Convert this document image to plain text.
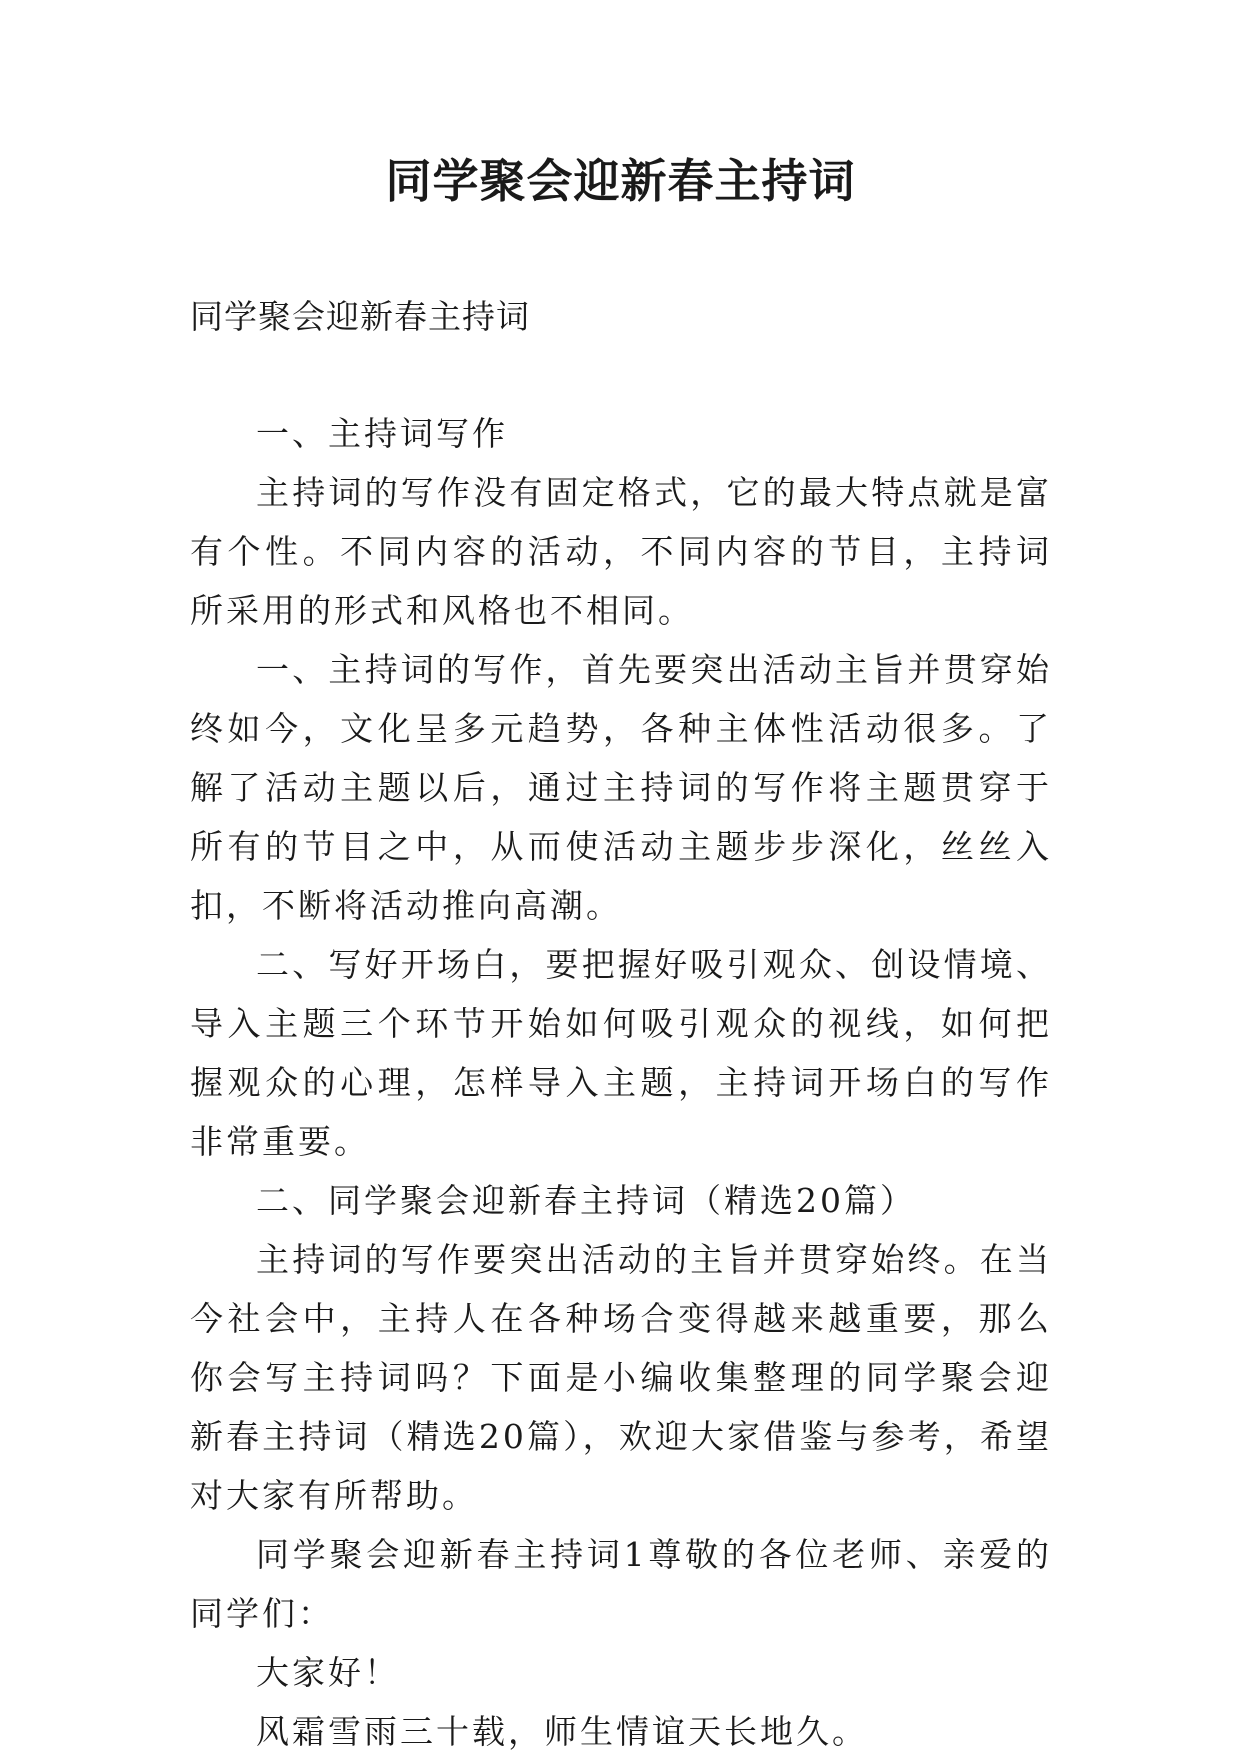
同学聚会迎新春主持词
同学聚会迎新春主持词

一、主持词写作

主持词的写作没有固定格式，它的最大特点就是富有个性。不同内容的活动，不同内容的节目，主持词所采用的形式和风格也不相同。

一、主持词的写作，首先要突出活动主旨并贯穿始终如今，文化呈多元趋势，各种主体性活动很多。了解了活动主题以后，通过主持词的写作将主题贯穿于所有的节目之中，从而使活动主题步步深化，丝丝入扣，不断将活动推向高潮。

二、写好开场白，要把握好吸引观众、创设情境、导入主题三个环节开始如何吸引观众的视线，如何把握观众的心理，怎样导入主题，主持词开场白的写作非常重要。

二、同学聚会迎新春主持词（精选20篇）

主持词的写作要突出活动的主旨并贯穿始终。在当今社会中，主持人在各种场合变得越来越重要，那么你会写主持词吗？下面是小编收集整理的同学聚会迎新春主持词（精选20篇），欢迎大家借鉴与参考，希望对大家有所帮助。

同学聚会迎新春主持词1尊敬的各位老师、亲爱的同学们：

大家好！

风霜雪雨三十载，师生情谊天长地久。
